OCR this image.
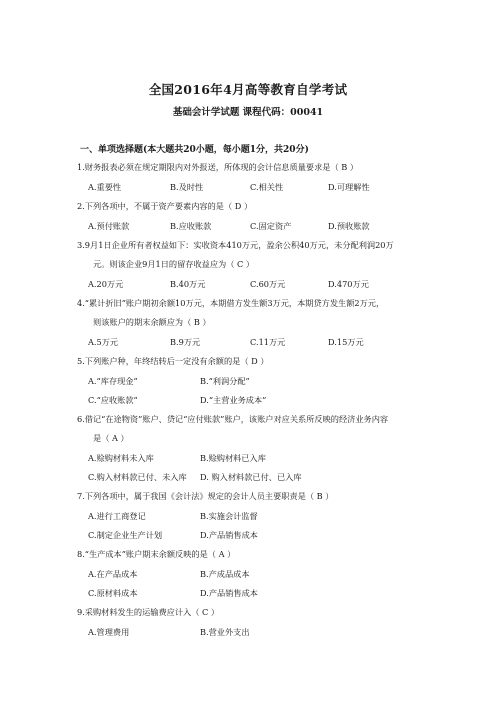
全国2016年4月高等教育自学考试
基础会计学试题 课程代码：00041
一、单项选择题(本大题共20小题，每小题1分，共20分)
1.财务报表必须在规定期限内对外报送，所体现的会计信息质量要求是（ B ）
A.重要性	B.及时性	C.相关性	D.可理解性
2.下列各项中，不属于资产要素内容的是（ D ）
A.预付账款	B.应收账款	C.固定资产	D.预收账款
3.9月1日企业所有者权益如下：实收资本410万元，盈余公积40万元，未分配利润20万
元。则该企业9月1日的留存收益应为（ C ）
A.20万元	B.40万元	C.60万元	D.470万元
4.“累计折旧”账户期初余额10万元，本期借方发生额3万元，本期贷方发生额2万元，
则该账户的期末余额应为（ B ）
A.5万元	B.9万元	C.11万元	D.15万元
5.下列账户种，年终结转后一定没有余额的是（ D ）
A.“库存现金”	B.“利润分配”
C.“应收账款”	D.“主营业务成本”
6.借记“在途物资”账户、贷记“应付账款”账户，该账户对应关系所反映的经济业务内容
是（ A ）
A.赊购材料未入库	B.赊购材料已入库
C.购入材料款已付、未入库 D. 购入材料款已付、已入库
7.下列各项中，属于我国《会计法》规定的会计人员主要职责是（ B ）
A.进行工商登记	B.实施会计监督
C.制定企业生产计划	D.产品销售成本
8.“生产成本”账户期末余额反映的是（ A ）
A.在产品成本	B.产成品成本
C.原材料成本	D.产品销售成本
9.采购材料发生的运输费应计入（ C ）
A.管理费用	B.营业外支出
